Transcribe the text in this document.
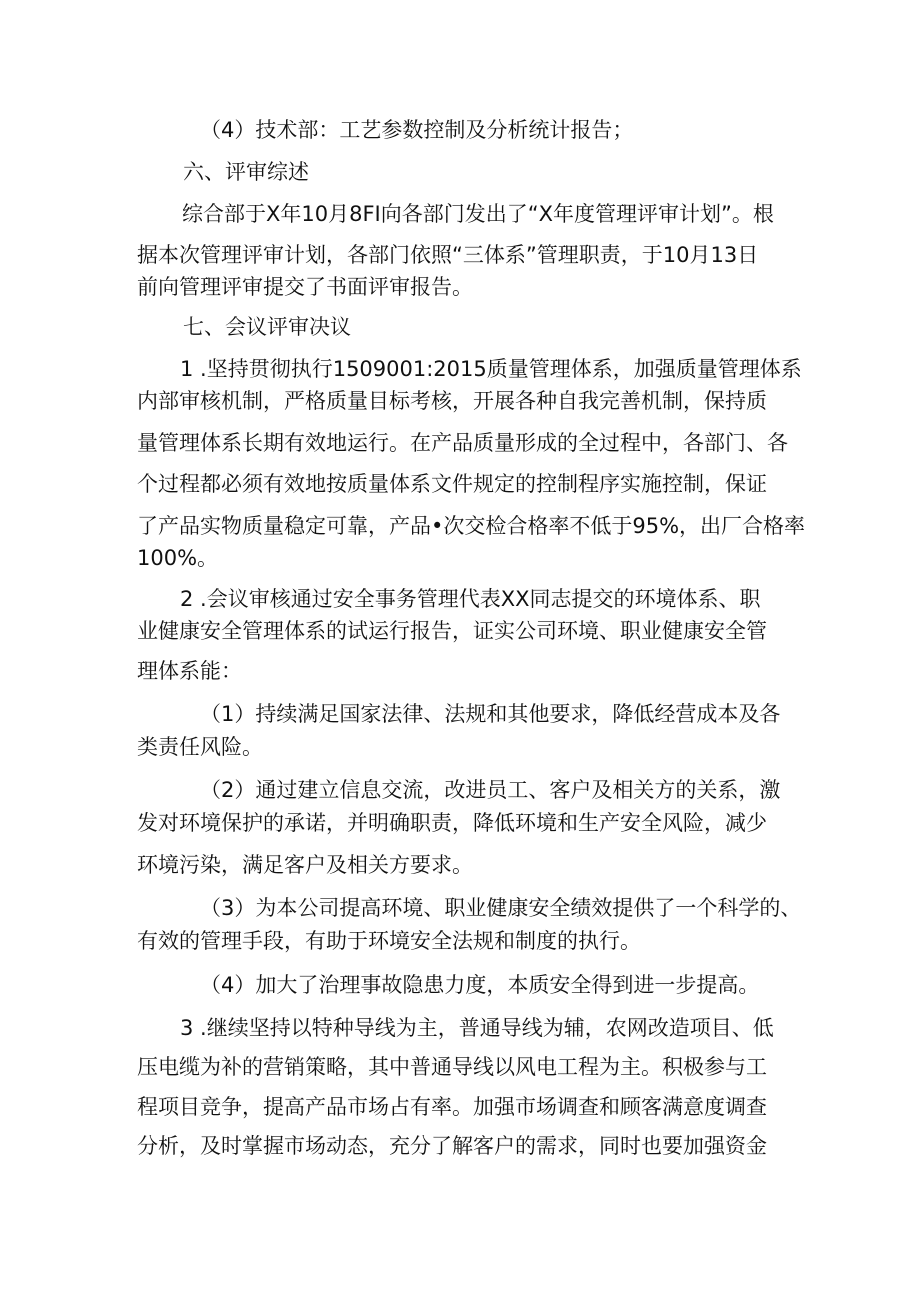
（4）技术部：工艺参数控制及分析统计报告；
六、评审综述
综合部于X年10月8FI向各部门发出了“X年度管理评审计划”。根
据本次管理评审计划，各部门依照“三体系”管理职责，于10月13日
前向管理评审提交了书面评审报告。
七、会议评审决议
1 .坚持贯彻执行1509001:2015质量管理体系，加强质量管理体系
内部审核机制，严格质量目标考核，开展各种自我完善机制，保持质
量管理体系长期有效地运行。在产品质量形成的全过程中，各部门、各
个过程都必须有效地按质量体系文件规定的控制程序实施控制，保证
了产品实物质量稳定可靠，产品•次交检合格率不低于95%，出厂合格率
100%。
2 .会议审核通过安全事务管理代表XX同志提交的环境体系、职
业健康安全管理体系的试运行报告，证实公司环境、职业健康安全管
理体系能：
（1）持续满足国家法律、法规和其他要求，降低经营成本及各
类责任风险。
（2）通过建立信息交流，改进员工、客户及相关方的关系，激
发对环境保护的承诺，并明确职责，降低环境和生产安全风险，减少
环境污染，满足客户及相关方要求。
（3）为本公司提高环境、职业健康安全绩效提供了一个科学的、
有效的管理手段，有助于环境安全法规和制度的执行。
（4）加大了治理事故隐患力度，本质安全得到进一步提高。
3 .继续坚持以特种导线为主，普通导线为辅，农网改造项目、低
压电缆为补的营销策略，其中普通导线以风电工程为主。积极参与工
程项目竞争，提高产品市场占有率。加强市场调查和顾客满意度调查
分析，及时掌握市场动态，充分了解客户的需求，同时也要加强资金
